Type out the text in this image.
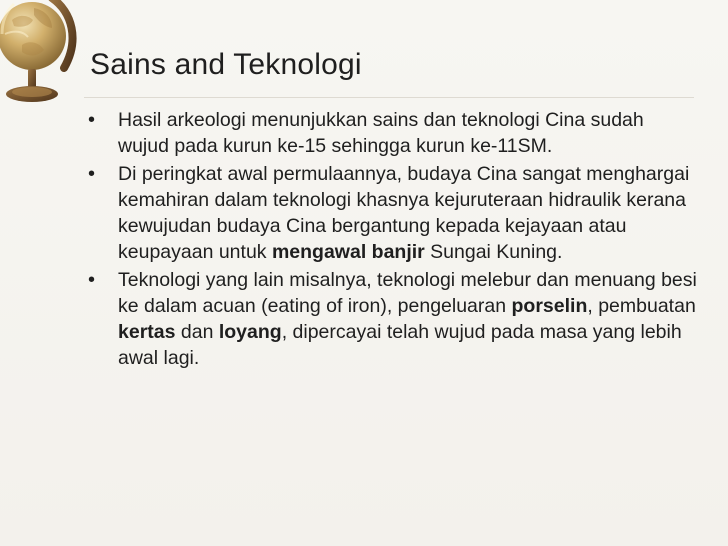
Sains and Teknologi
•	Hasil arkeologi menunjukkan sains dan teknologi Cina sudah wujud pada kurun ke-15 sehingga kurun ke-11SM.
•	Di peringkat awal permulaannya, budaya Cina sangat menghargai kemahiran dalam teknologi khasnya kejuruteraan hidraulik kerana kewujudan budaya Cina bergantung kepada kejayaan atau keupayaan untuk mengawal banjir Sungai Kuning.
•	Teknologi yang lain misalnya, teknologi melebur dan menuang besi ke dalam acuan (eating of iron), pengeluaran porselin, pembuatan kertas dan loyang, dipercayai telah wujud pada masa yang lebih awal lagi.
